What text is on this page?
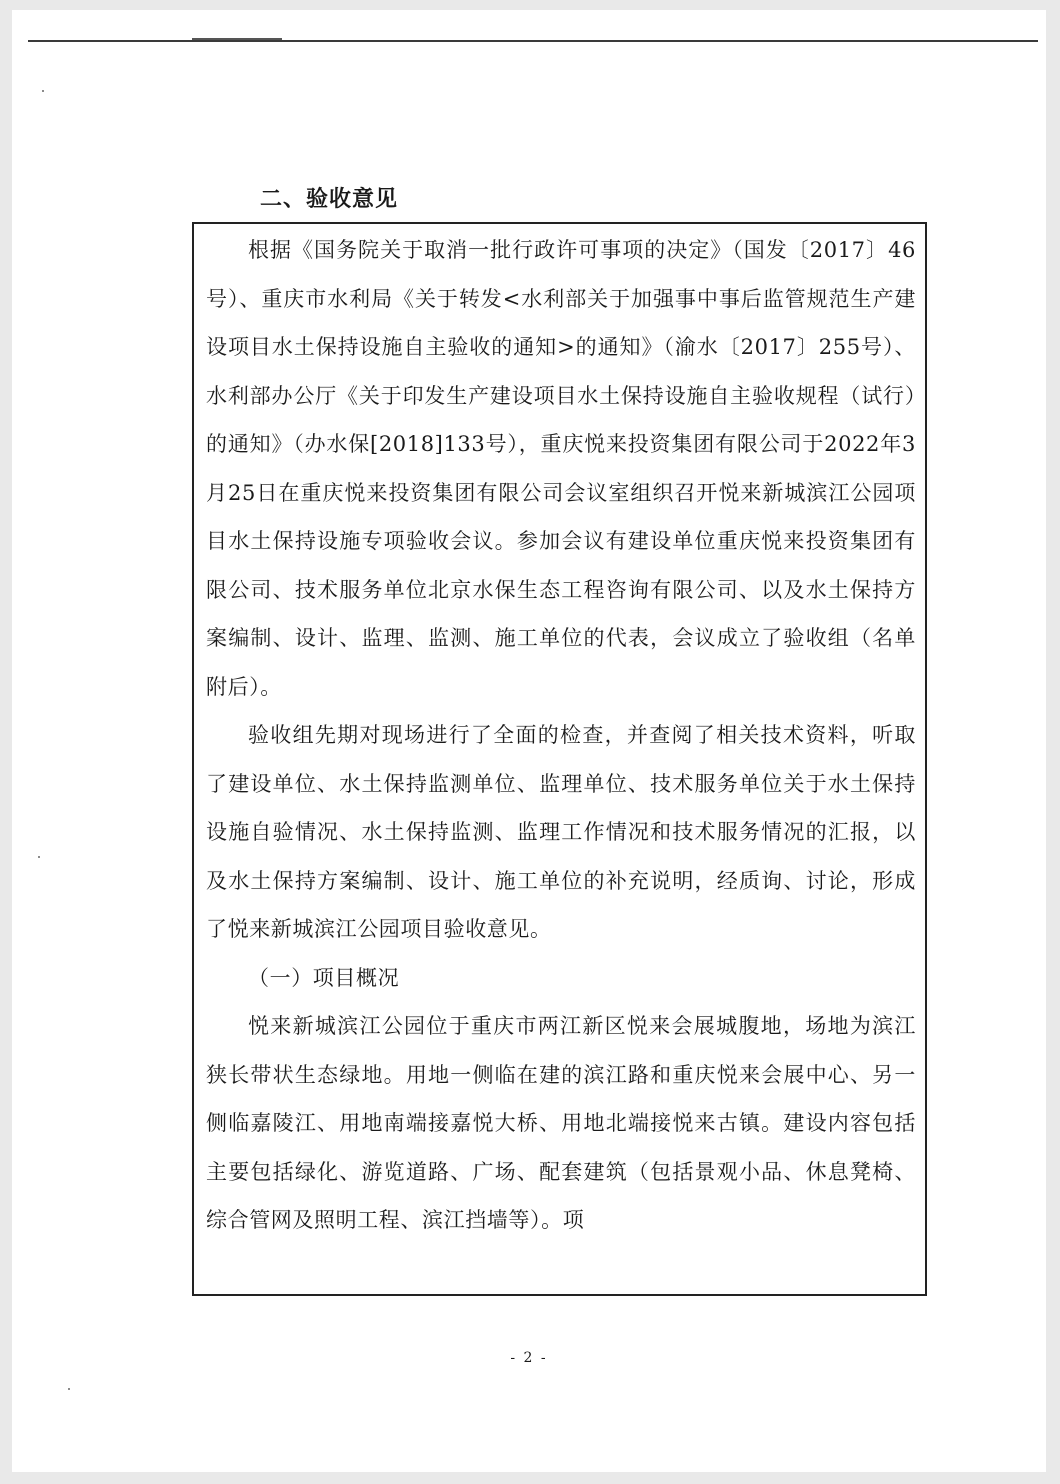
二、验收意见

根据《国务院关于取消一批行政许可事项的决定》（国发〔2017〕46号）、重庆市水利局《关于转发<水利部关于加强事中事后监管规范生产建设项目水土保持设施自主验收的通知>的通知》（渝水〔2017〕255号）、水利部办公厅《关于印发生产建设项目水土保持设施自主验收规程（试行）的通知》（办水保[2018]133号），重庆悦来投资集团有限公司于2022年3月25日在重庆悦来投资集团有限公司会议室组织召开悦来新城滨江公园项目水土保持设施专项验收会议。参加会议有建设单位重庆悦来投资集团有限公司、技术服务单位北京水保生态工程咨询有限公司、以及水土保持方案编制、设计、监理、监测、施工单位的代表，会议成立了验收组（名单附后）。

验收组先期对现场进行了全面的检查，并查阅了相关技术资料，听取了建设单位、水土保持监测单位、监理单位、技术服务单位关于水土保持设施自验情况、水土保持监测、监理工作情况和技术服务情况的汇报，以及水土保持方案编制、设计、施工单位的补充说明，经质询、讨论，形成了悦来新城滨江公园项目验收意见。

（一）项目概况

悦来新城滨江公园位于重庆市两江新区悦来会展城腹地，场地为滨江狭长带状生态绿地。用地一侧临在建的滨江路和重庆悦来会展中心、另一侧临嘉陵江、用地南端接嘉悦大桥、用地北端接悦来古镇。建设内容包括主要包括绿化、游览道路、广场、配套建筑（包括景观小品、休息凳椅、综合管网及照明工程、滨江挡墙等）。项

- 2 -
